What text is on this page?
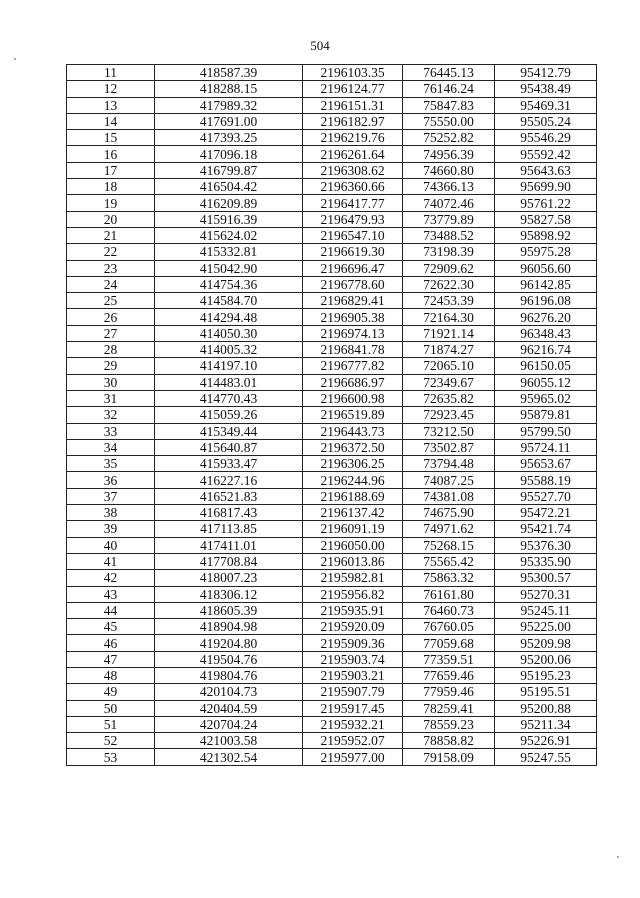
504
11	418587.39	2196103.35	76445.13	95412.79
12	418288.15	2196124.77	76146.24	95438.49
13	417989.32	2196151.31	75847.83	95469.31
14	417691.00	2196182.97	75550.00	95505.24
15	417393.25	2196219.76	75252.82	95546.29
16	417096.18	2196261.64	74956.39	95592.42
17	416799.87	2196308.62	74660.80	95643.63
18	416504.42	2196360.66	74366.13	95699.90
19	416209.89	2196417.77	74072.46	95761.22
20	415916.39	2196479.93	73779.89	95827.58
21	415624.02	2196547.10	73488.52	95898.92
22	415332.81	2196619.30	73198.39	95975.28
23	415042.90	2196696.47	72909.62	96056.60
24	414754.36	2196778.60	72622.30	96142.85
25	414584.70	2196829.41	72453.39	96196.08
26	414294.48	2196905.38	72164.30	96276.20
27	414050.30	2196974.13	71921.14	96348.43
28	414005.32	2196841.78	71874.27	96216.74
29	414197.10	2196777.82	72065.10	96150.05
30	414483.01	2196686.97	72349.67	96055.12
31	414770.43	2196600.98	72635.82	95965.02
32	415059.26	2196519.89	72923.45	95879.81
33	415349.44	2196443.73	73212.50	95799.50
34	415640.87	2196372.50	73502.87	95724.11
35	415933.47	2196306.25	73794.48	95653.67
36	416227.16	2196244.96	74087.25	95588.19
37	416521.83	2196188.69	74381.08	95527.70
38	416817.43	2196137.42	74675.90	95472.21
39	417113.85	2196091.19	74971.62	95421.74
40	417411.01	2196050.00	75268.15	95376.30
41	417708.84	2196013.86	75565.42	95335.90
42	418007.23	2195982.81	75863.32	95300.57
43	418306.12	2195956.82	76161.80	95270.31
44	418605.39	2195935.91	76460.73	95245.11
45	418904.98	2195920.09	76760.05	95225.00
46	419204.80	2195909.36	77059.68	95209.98
47	419504.76	2195903.74	77359.51	95200.06
48	419804.76	2195903.21	77659.46	95195.23
49	420104.73	2195907.79	77959.46	95195.51
50	420404.59	2195917.45	78259.41	95200.88
51	420704.24	2195932.21	78559.23	95211.34
52	421003.58	2195952.07	78858.82	95226.91
53	421302.54	2195977.00	79158.09	95247.55
